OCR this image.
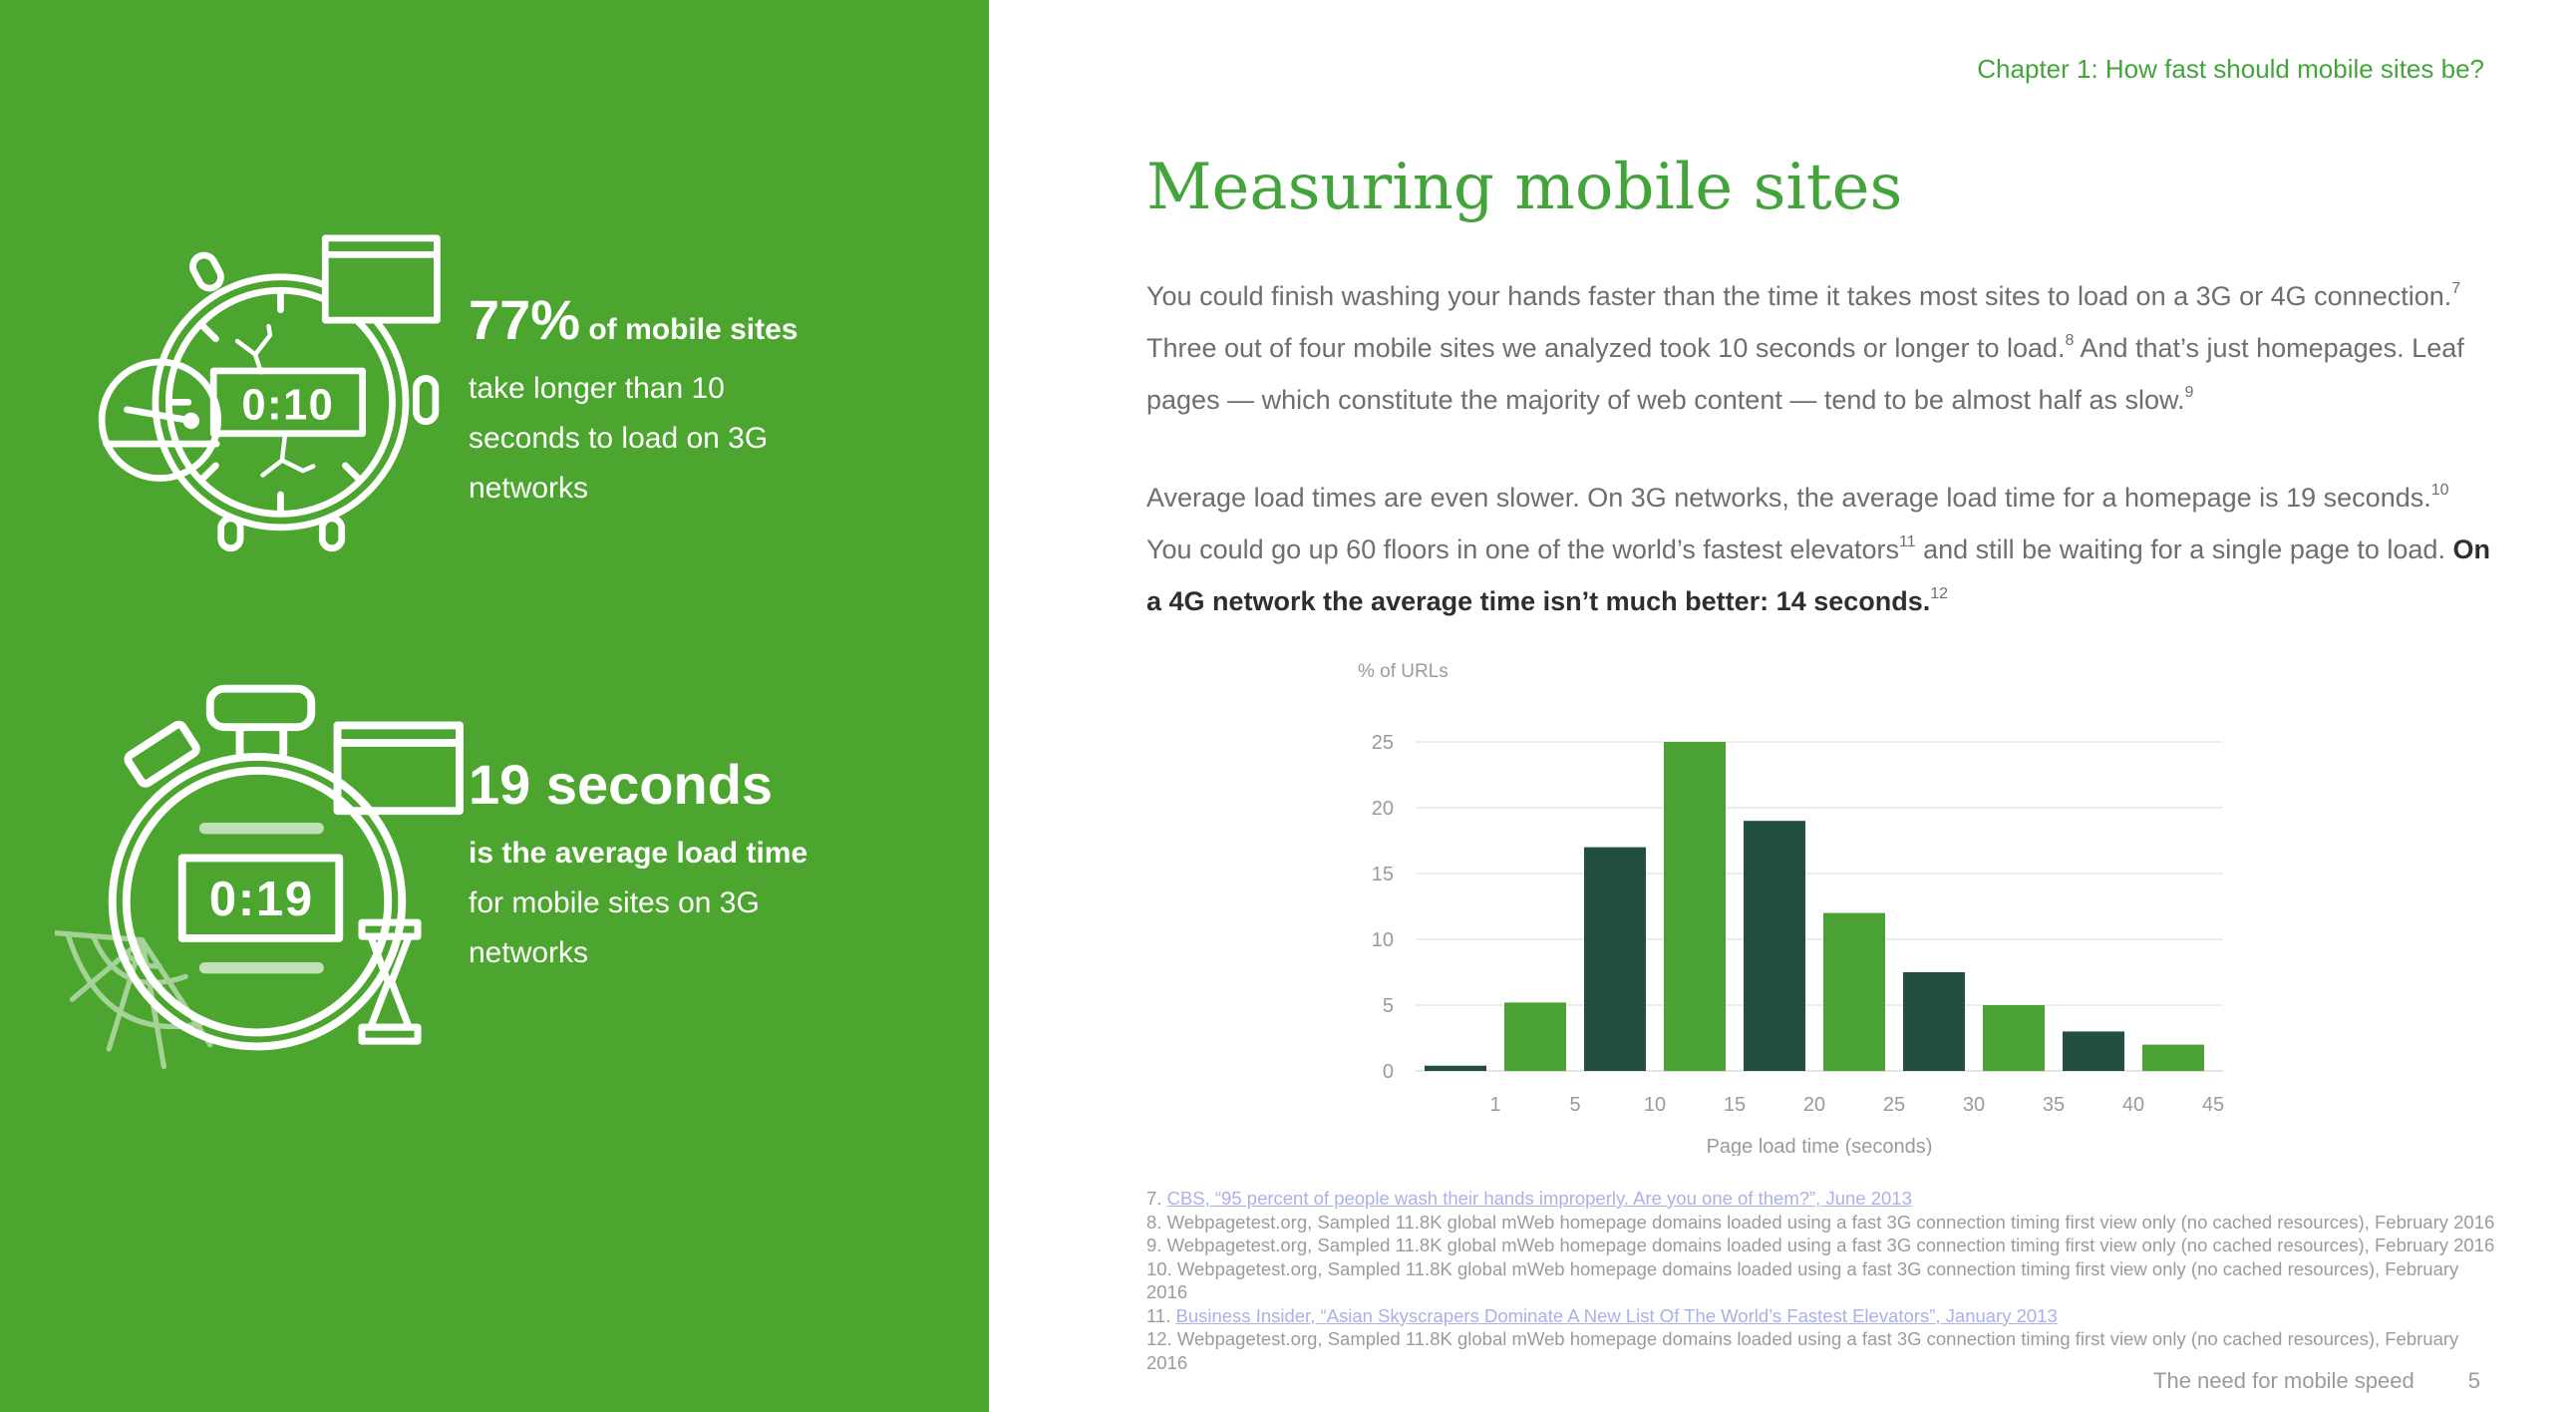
0:10
77% of mobile sites
take longer than 10
seconds to load on 3G
networks
0:19
19 seconds
is the average load time
for mobile sites on 3G
networks
Chapter 1: How fast should mobile sites be?
Measuring mobile sites

You could finish washing your hands faster than the time it takes most sites to load on a 3G or 4G connection.$^7$ Three out of four mobile sites we analyzed took 10 seconds or longer to load.$^8$ And that’s just homepages. Leaf pages — which constitute the majority of web content — tend to be almost half as slow.$^9$

Average load times are even slower. On 3G networks, the average load time for a homepage is 19 seconds.$^{10}$ You could go up 60 floors in one of the world’s fastest elevators$^{11}$ and still be waiting for a single page to load. On a 4G network the average time isn’t much better: 14 seconds.$^{12}$

% of URLs
0
5
10
15
20
25
1	5	10	15	20	25	30	35	40	45
Page load time (seconds)
7. CBS, “95 percent of people wash their hands improperly. Are you one of them?”, June 2013
8. Webpagetest.org, Sampled 11.8K global mWeb homepage domains loaded using a fast 3G connection timing first view only (no cached resources), February 2016
9. Webpagetest.org, Sampled 11.8K global mWeb homepage domains loaded using a fast 3G connection timing first view only (no cached resources), February 2016
10. Webpagetest.org, Sampled 11.8K global mWeb homepage domains loaded using a fast 3G connection timing first view only (no cached resources), February 2016
11. Business Insider, “Asian Skyscrapers Dominate A New List Of The World’s Fastest Elevators”, January 2013
12. Webpagetest.org, Sampled 11.8K global mWeb homepage domains loaded using a fast 3G connection timing first view only (no cached resources), February 2016
The need for mobile speed 5
